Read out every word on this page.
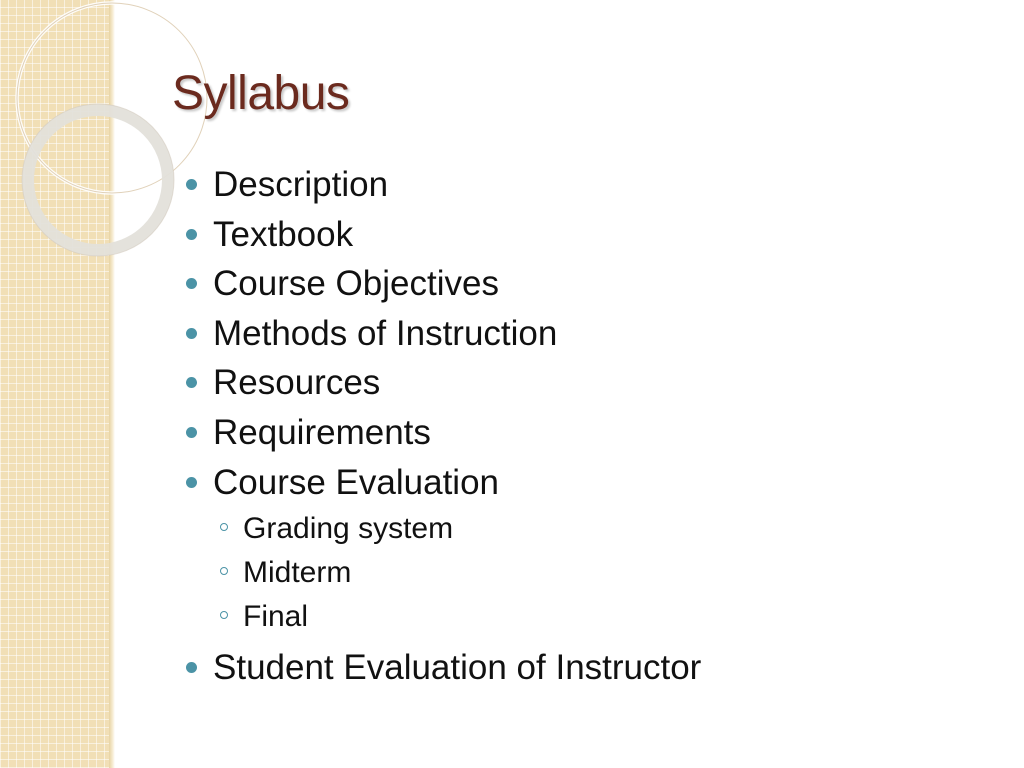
Syllabus
Description
Textbook
Course Objectives
Methods of Instruction
Resources
Requirements
Course Evaluation
Grading system
Midterm
Final
Student Evaluation of Instructor
